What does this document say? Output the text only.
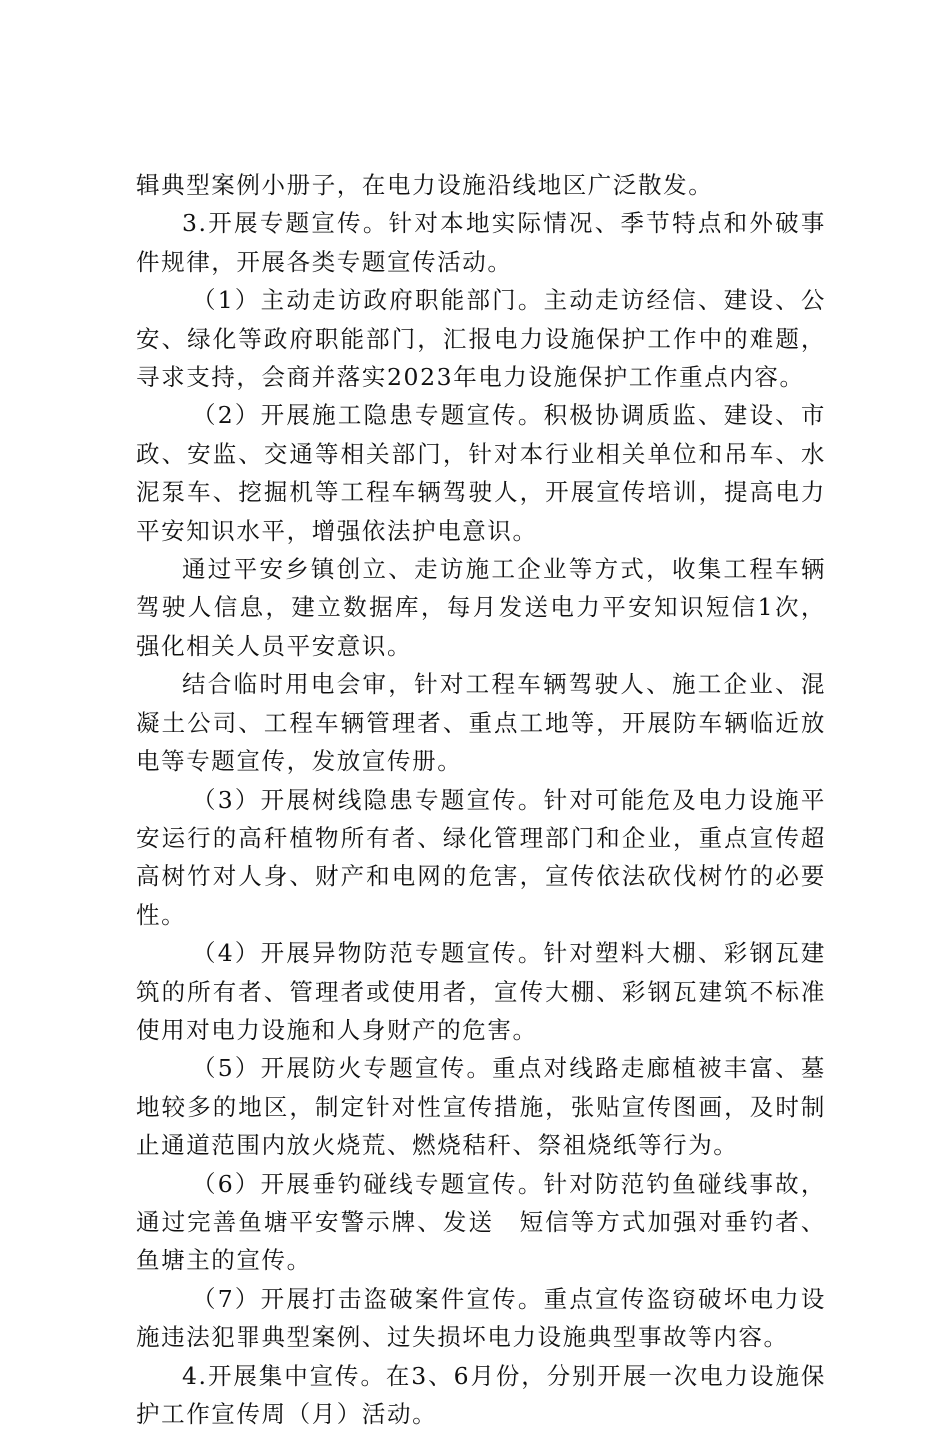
辑典型案例小册子，在电力设施沿线地区广泛散发。

3.开展专题宣传。针对本地实际情况、季节特点和外破事件规律，开展各类专题宣传活动。

（1）主动走访政府职能部门。主动走访经信、建设、公安、绿化等政府职能部门，汇报电力设施保护工作中的难题，寻求支持，会商并落实2023年电力设施保护工作重点内容。

（2）开展施工隐患专题宣传。积极协调质监、建设、市政、安监、交通等相关部门，针对本行业相关单位和吊车、水泥泵车、挖掘机等工程车辆驾驶人，开展宣传培训，提高电力平安知识水平，增强依法护电意识。

通过平安乡镇创立、走访施工企业等方式，收集工程车辆驾驶人信息，建立数据库，每月发送电力平安知识短信1次，强化相关人员平安意识。

结合临时用电会审，针对工程车辆驾驶人、施工企业、混凝土公司、工程车辆管理者、重点工地等，开展防车辆临近放电等专题宣传，发放宣传册。

（3）开展树线隐患专题宣传。针对可能危及电力设施平安运行的高秆植物所有者、绿化管理部门和企业，重点宣传超高树竹对人身、财产和电网的危害，宣传依法砍伐树竹的必要性。

（4）开展异物防范专题宣传。针对塑料大棚、彩钢瓦建筑的所有者、管理者或使用者，宣传大棚、彩钢瓦建筑不标准使用对电力设施和人身财产的危害。

（5）开展防火专题宣传。重点对线路走廊植被丰富、墓地较多的地区，制定针对性宣传措施，张贴宣传图画，及时制止通道范围内放火烧荒、燃烧秸秆、祭祖烧纸等行为。

（6）开展垂钓碰线专题宣传。针对防范钓鱼碰线事故，通过完善鱼塘平安警示牌、发送　短信等方式加强对垂钓者、鱼塘主的宣传。

（7）开展打击盗破案件宣传。重点宣传盗窃破坏电力设施违法犯罪典型案例、过失损坏电力设施典型事故等内容。

4.开展集中宣传。在3、6月份，分别开展一次电力设施保护工作宣传周（月）活动。
